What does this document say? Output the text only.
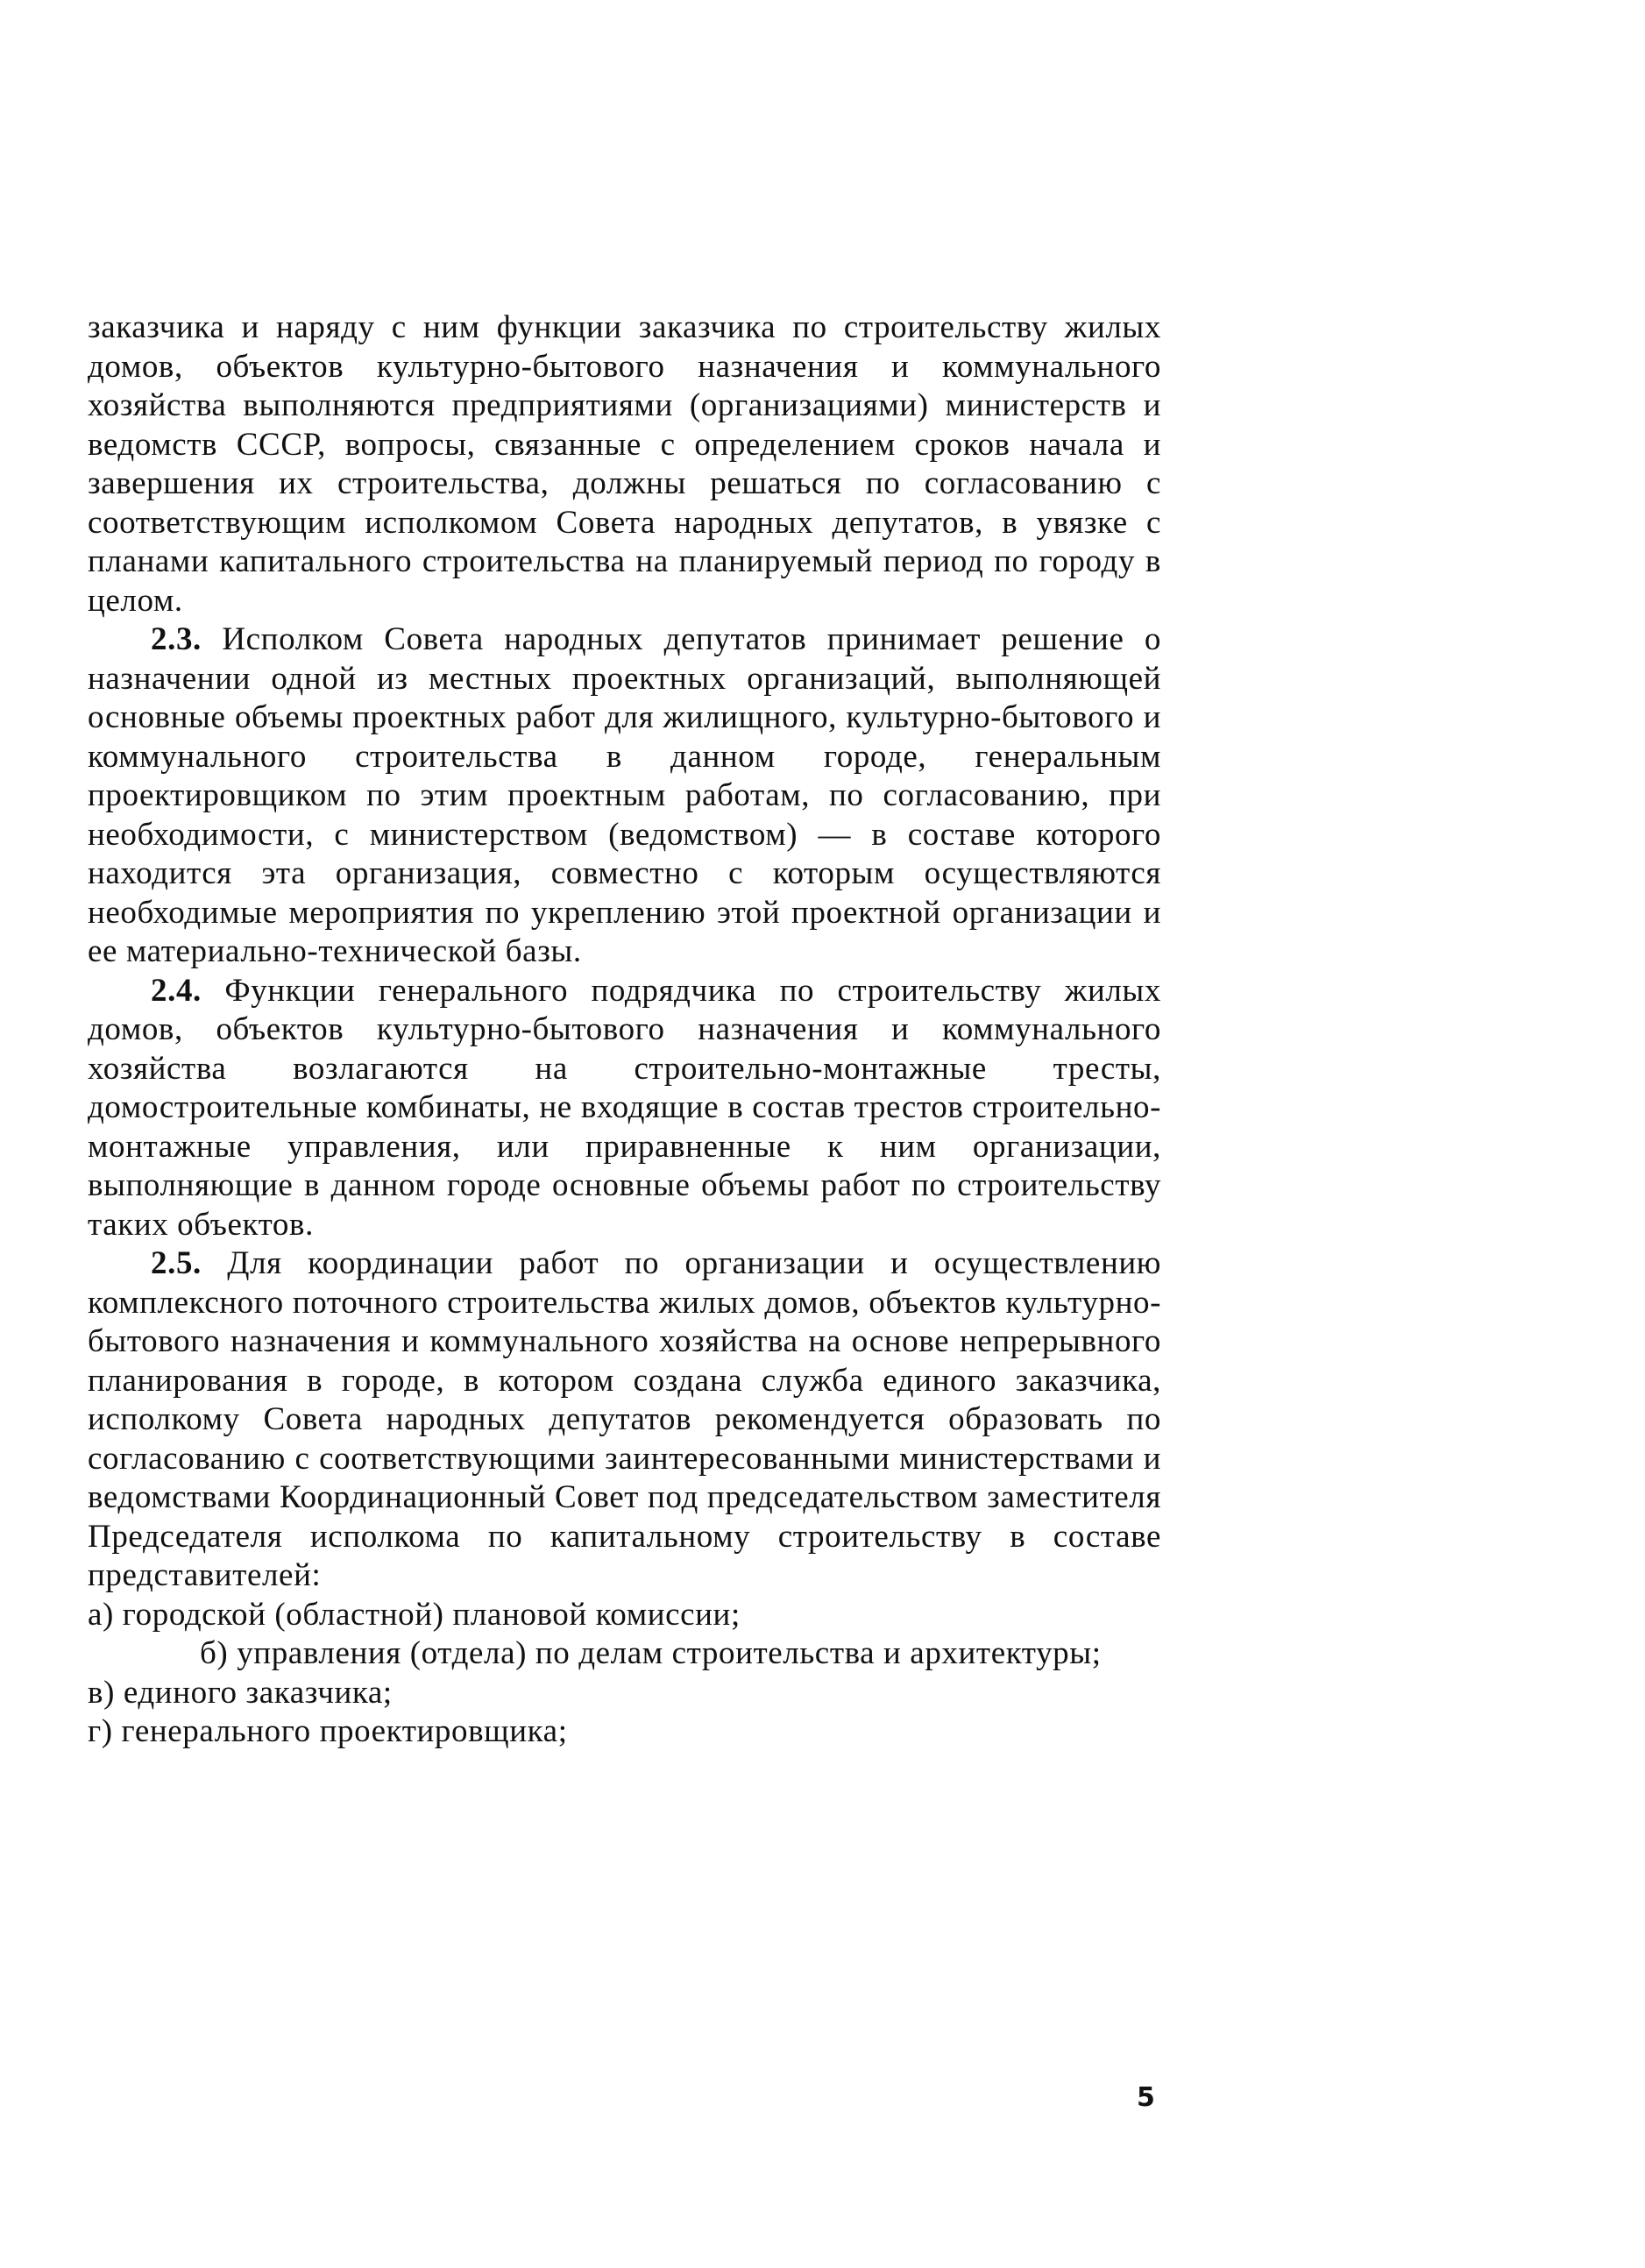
заказчика и наряду с ним функции заказчика по строительству жилых домов, объектов культурно-бытового назначения и коммунального хозяйства выполняются предприятиями (организациями) министерств и ведомств СССР, вопросы, связанные с определением сроков начала и завершения их строительства, должны решаться по согласованию с соответствующим исполкомом Совета народных депутатов, в увязке с планами капитального строительства на планируемый период по городу в целом.

2.3. Исполком Совета народных депутатов принимает решение о назначении одной из местных проектных организаций, выполняющей основные объемы проектных работ для жилищного, культурно-бытового и коммунального строительства в данном городе, генеральным проектировщиком по этим проектным работам, по согласованию, при необходимости, с министерством (ведомством) — в составе которого находится эта организация, совместно с которым осуществляются необходимые мероприятия по укреплению этой проектной организации и ее материально-технической базы.

2.4. Функции генерального подрядчика по строительству жилых домов, объектов культурно-бытового назначения и коммунального хозяйства возлагаются на строительно-монтажные тресты, домостроительные комбинаты, не входящие в состав трестов строительно-монтажные управления, или приравненные к ним организации, выполняющие в данном городе основные объемы работ по строительству таких объектов.

2.5. Для координации работ по организации и осуществлению комплексного поточного строительства жилых домов, объектов культурно-бытового назначения и коммунального хозяйства на основе непрерывного планирования в городе, в котором создана служба единого заказчика, исполкому Совета народных депутатов рекомендуется образовать по согласованию с соответствующими заинтересованными министерствами и ведомствами Координационный Совет под председательством заместителя Председателя исполкома по капитальному строительству в составе представителей:

а) городской (областной) плановой комиссии;

б) управления (отдела) по делам строительства и архитектуры;

в) единого заказчика;

г) генерального проектировщика;

5
